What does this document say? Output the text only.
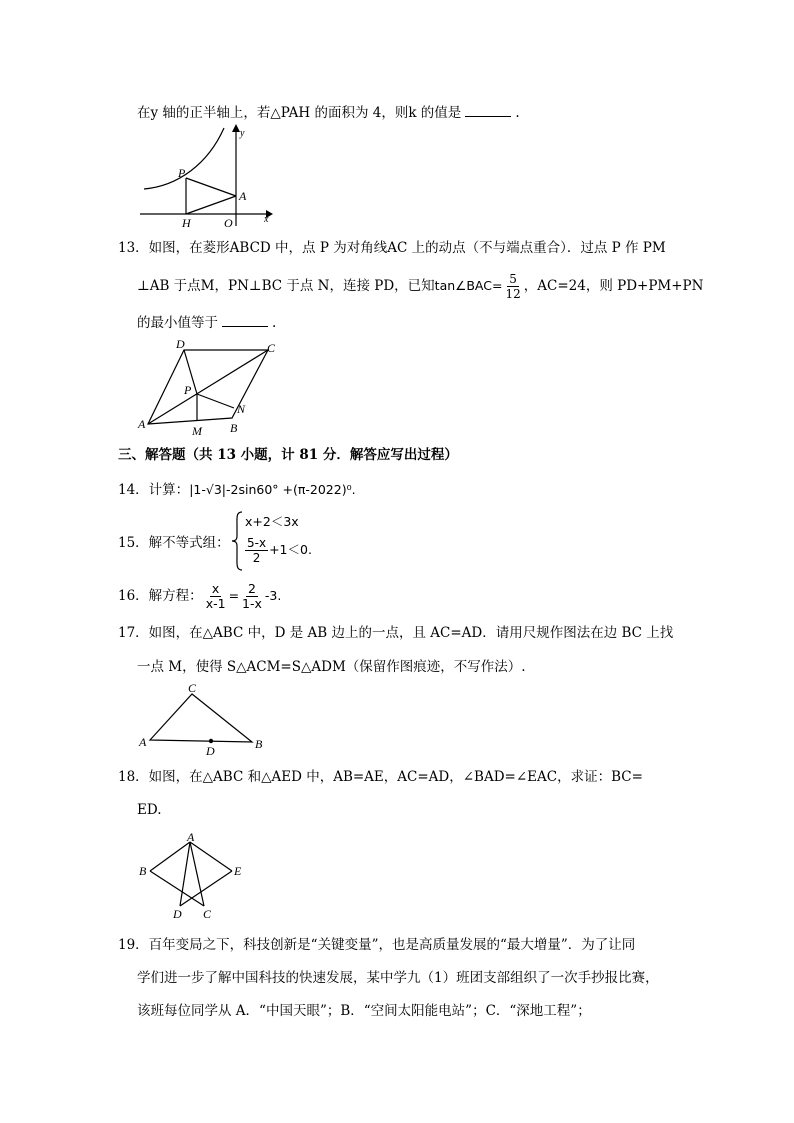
在y 轴的正半轴上，若△PAH 的面积为 4，则k 的值是	.
P
A
H	O	x
y
13．如图，在菱形ABCD 中，点 P 为对角线AC 上的动点（不与端点重合）．过点 P 作 PM
⊥AB 于点M，PN⊥BC 于点 N，连接 PD，已知tan∠BAC= $\frac{5}{12}$ ，AC=24，则 PD+PM+PN
的最小值等于	.
A	B
C
D
P
M
N
三、解答题（共 13 小题，计 81 分．解答应写出过程）
14．计算：|1-√3|-2sin60° +(π-2022)⁰.
15．解不等式组：
x+2＜3x
$\frac{5-x}{2} +1<0$.
16．解方程： $\frac{x}{x-1} = \frac{2}{1-x} -3$.
17．如图，在△ABC 中，D 是 AB 边上的一点，且 AC=AD．请用尺规作图法在边 BC 上找
一点 M，使得 S△ACM=S△ADM（保留作图痕迹，不写作法）.
A	B
C
D
18．如图，在△ABC 和△AED 中，AB=AE，AC=AD，∠BAD=∠EAC，求证：BC=
ED.
A
B	E
D C
19．百年变局之下，科技创新是“关键变量”，也是高质量发展的“最大增量”．为了让同
学们进一步了解中国科技的快速发展，某中学九（1）班团支部组织了一次手抄报比赛，
该班每位同学从 A．“中国天眼”；B．“空间太阳能电站”；C．“深地工程”；
